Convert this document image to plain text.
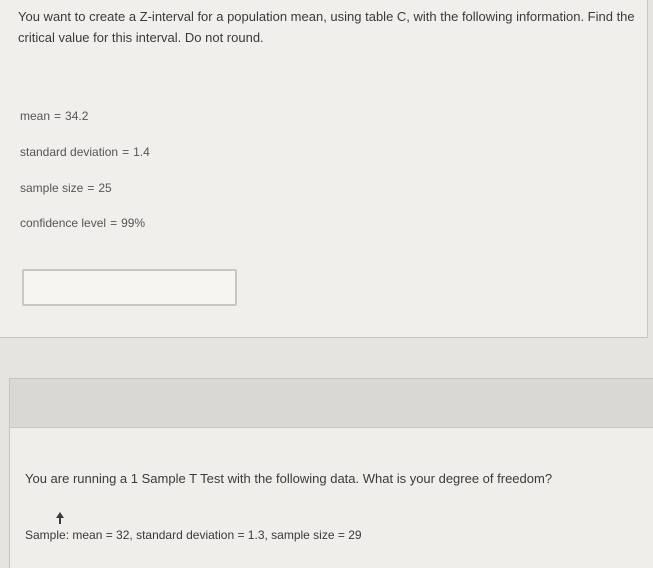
You want to create a Z-interval for a population mean, using table C, with the following information. Find the critical value for this interval. Do not round.
mean = 34.2
standard deviation = 1.4
sample size = 25
confidence level = 99%
You are running a 1 Sample T Test with the following data. What is your degree of freedom?
Sample: mean = 32, standard deviation = 1.3, sample size = 29
